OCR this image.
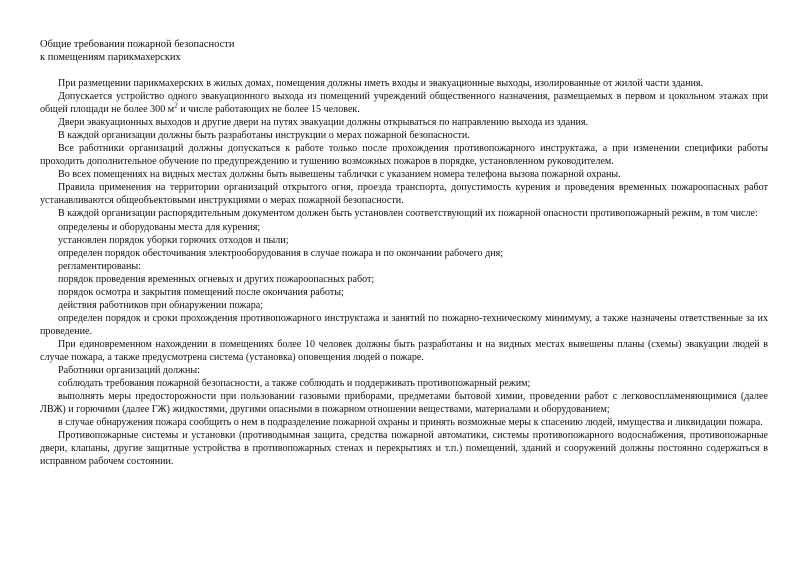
Общие требования пожарной безопасности
к помещениям парикмахерских

При размещении парикмахерских в жилых домах, помещения должны иметь входы и эвакуационные выходы, изолированные от жилой части здания.

Допускается устройство одного эвакуационного выхода из помещений учреждений общественного назначения, размещаемых в первом и цокольном этажах при общей площади не более 300 $м^2$ и числе работающих не более 15 человек.

Двери эвакуационных выходов и другие двери на путях эвакуации должны открываться по направлению выхода из здания.

В каждой организации должны быть разработаны инструкции о мерах пожарной безопасности.

Все работники организаций должны допускаться к работе только после прохождения противопожарного инструктажа, а при изменении специфики работы проходить дополнительное обучение по предупреждению и тушению возможных пожаров в порядке, установленном руководителем.

Во всех помещениях на видных местах должны быть вывешены таблички с указанием номера телефона вызова пожарной охраны.

Правила применения на территории организаций открытого огня, проезда транспорта, допустимость курения и проведения временных пожароопасных работ устанавливаются общеобъектовыми инструкциями о мерах пожарной безопасности.

В каждой организации распорядительным документом должен быть установлен соответствующий их пожарной опасности противопожарный режим, в том числе:

определены и оборудованы места для курения;

установлен порядок уборки горючих отходов и пыли;

определен порядок обесточивания электрооборудования в случае пожара и по окончании рабочего дня;

регламентированы:

порядок проведения временных огневых и других пожароопасных работ;

порядок осмотра и закрытия помещений после окончания работы;

действия работников при обнаружении пожара;

определен порядок и сроки прохождения противопожарного инструктажа и занятий по пожарно-техническому минимуму, а также назначены ответственные за их проведение.

При единовременном нахождении в помещениях более 10 человек должны быть разработаны и на видных местах вывешены планы (схемы) эвакуации людей в случае пожара, а также предусмотрена система (установка) оповещения людей о пожаре.

Работники организаций должны:

соблюдать требования пожарной безопасности, а также соблюдать и поддерживать противопожарный режим;

выполнять меры предосторожности при пользовании газовыми приборами, предметами бытовой химии, проведении работ с легковоспламеняющимися (далее ЛВЖ) и горючими (далее ГЖ) жидкостями, другими опасными в пожарном отношении веществами, материалами и оборудованием;

в случае обнаружения пожара сообщить о нем в подразделение пожарной охраны и принять возможные меры к спасению людей, имущества и ликвидации пожара.

Противопожарные системы и установки (противодымная защита, средства пожарной автоматики, системы противопожарного водоснабжения, противопожарные двери, клапаны, другие защитные устройства в противопожарных стенах и перекрытиях и т.п.) помещений, зданий и сооружений должны постоянно содержаться в исправном рабочем состоянии.
